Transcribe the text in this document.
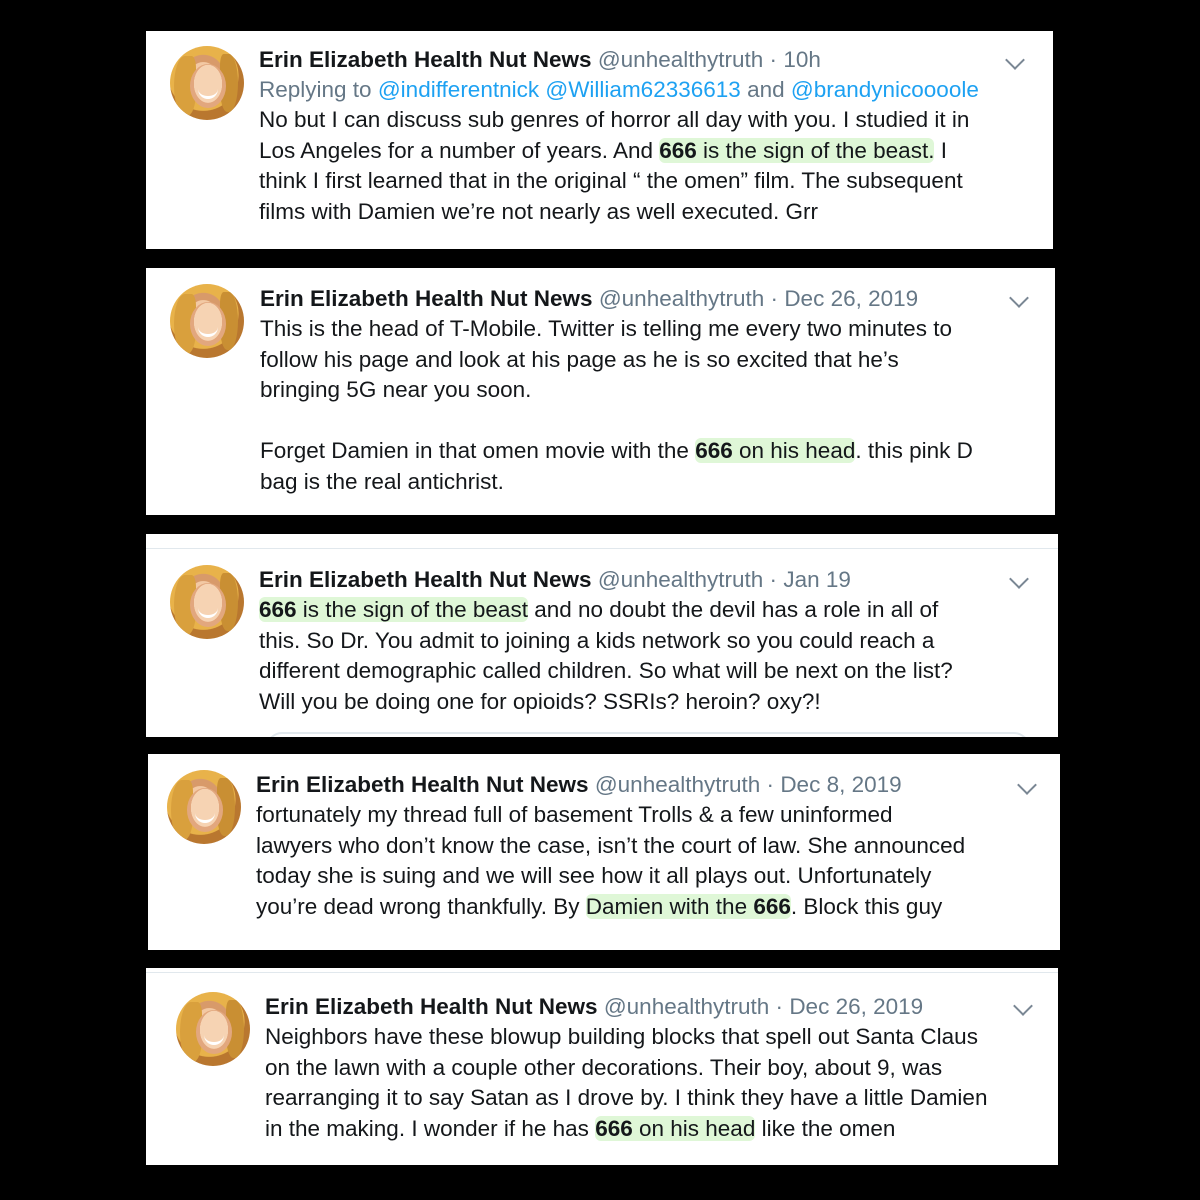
Erin Elizabeth Health Nut News @unhealthytruth · 10h
Replying to @indifferentnick @William62336613 and @brandynicoooole
No but I can discuss sub genres of horror all day with you. I studied it in
Los Angeles for a number of years. And 666 is the sign of the beast. I
think I first learned that in the original “ the omen” film. The subsequent
films with Damien we’re not nearly as well executed. Grr
Erin Elizabeth Health Nut News @unhealthytruth · Dec 26, 2019
This is the head of T-Mobile. Twitter is telling me every two minutes to
follow his page and look at his page as he is so excited that he’s
bringing 5G near you soon.

Forget Damien in that omen movie with the 666 on his head. this pink D
bag is the real antichrist.
Erin Elizabeth Health Nut News @unhealthytruth · Jan 19
666 is the sign of the beast and no doubt the devil has a role in all of
this. So Dr. You admit to joining a kids network so you could reach a
different demographic called children. So what will be next on the list?
Will you be doing one for opioids? SSRIs? heroin? oxy?!
Erin Elizabeth Health Nut News @unhealthytruth · Dec 8, 2019
fortunately my thread full of basement Trolls & a few uninformed
lawyers who don’t know the case, isn’t the court of law. She announced
today she is suing and we will see how it all plays out. Unfortunately
you’re dead wrong thankfully. By Damien with the 666. Block this guy
Erin Elizabeth Health Nut News @unhealthytruth · Dec 26, 2019
Neighbors have these blowup building blocks that spell out Santa Claus
on the lawn with a couple other decorations. Their boy, about 9, was
rearranging it to say Satan as I drove by. I think they have a little Damien
in the making. I wonder if he has 666 on his head like the omen
